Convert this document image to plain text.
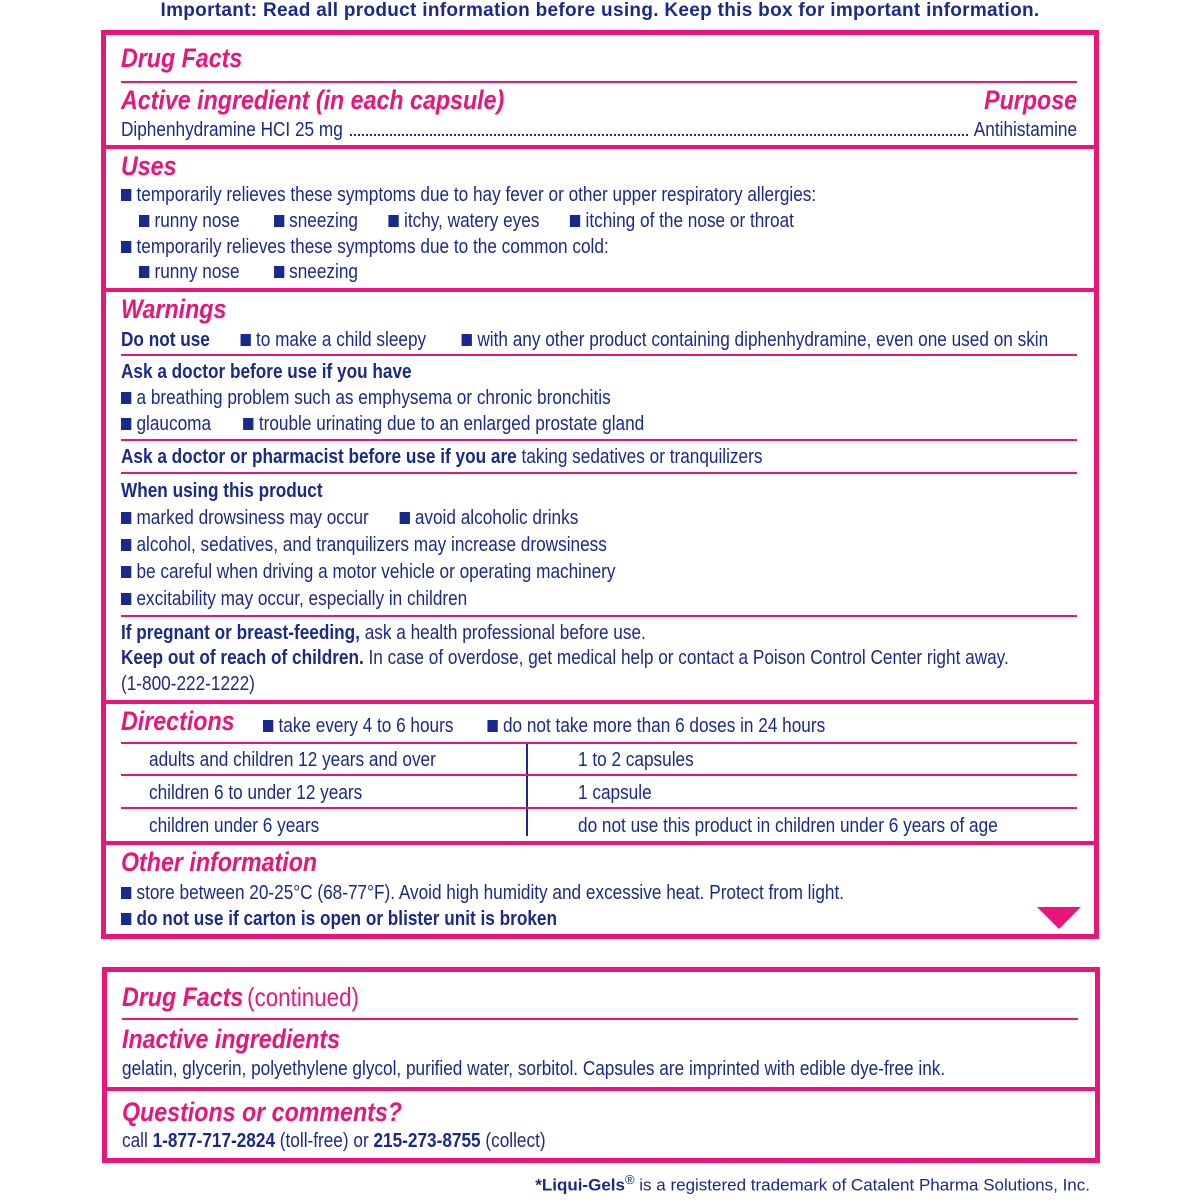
Important: Read all product information before using. Keep this box for important information.
Drug Facts
Active ingredient (in each capsule)	Purpose
Diphenhydramine HCI 25 mg	Antihistamine
Uses
temporarily relieves these symptoms due to hay fever or other upper respiratory allergies:
runny nose sneezing itchy, watery eyes itching of the nose or throat
temporarily relieves these symptoms due to the common cold:
runny nose sneezing
Warnings
Do not use to make a child sleepy	with any other product containing diphenhydramine, even one used on skin
Ask a doctor before use if you have
a breathing problem such as emphysema or chronic bronchitis
glaucoma trouble urinating due to an enlarged prostate gland
Ask a doctor or pharmacist before use if you are taking sedatives or tranquilizers
When using this product
marked drowsiness may occur avoid alcoholic drinks
alcohol, sedatives, and tranquilizers may increase drowsiness
be careful when driving a motor vehicle or operating machinery
excitability may occur, especially in children
If pregnant or breast-feeding, ask a health professional before use.
Keep out of reach of children. In case of overdose, get medical help or contact a Poison Control Center right away.
(1-800-222-1222)
Directions	take every 4 to 6 hours do not take more than 6 doses in 24 hours
adults and children 12 years and over	1 to 2 capsules
children 6 to under 12 years	1 capsule
children under 6 years	do not use this product in children under 6 years of age
Other information
store between 20-25°C (68-77°F). Avoid high humidity and excessive heat. Protect from light.
do not use if carton is open or blister unit is broken
Drug Facts (continued)
Inactive ingredients
gelatin, glycerin, polyethylene glycol, purified water, sorbitol. Capsules are imprinted with edible dye-free ink.
Questions or comments?
call 1-877-717-2824 (toll-free) or 215-273-8755 (collect)
*Liqui-Gels® is a registered trademark of Catalent Pharma Solutions, Inc.
